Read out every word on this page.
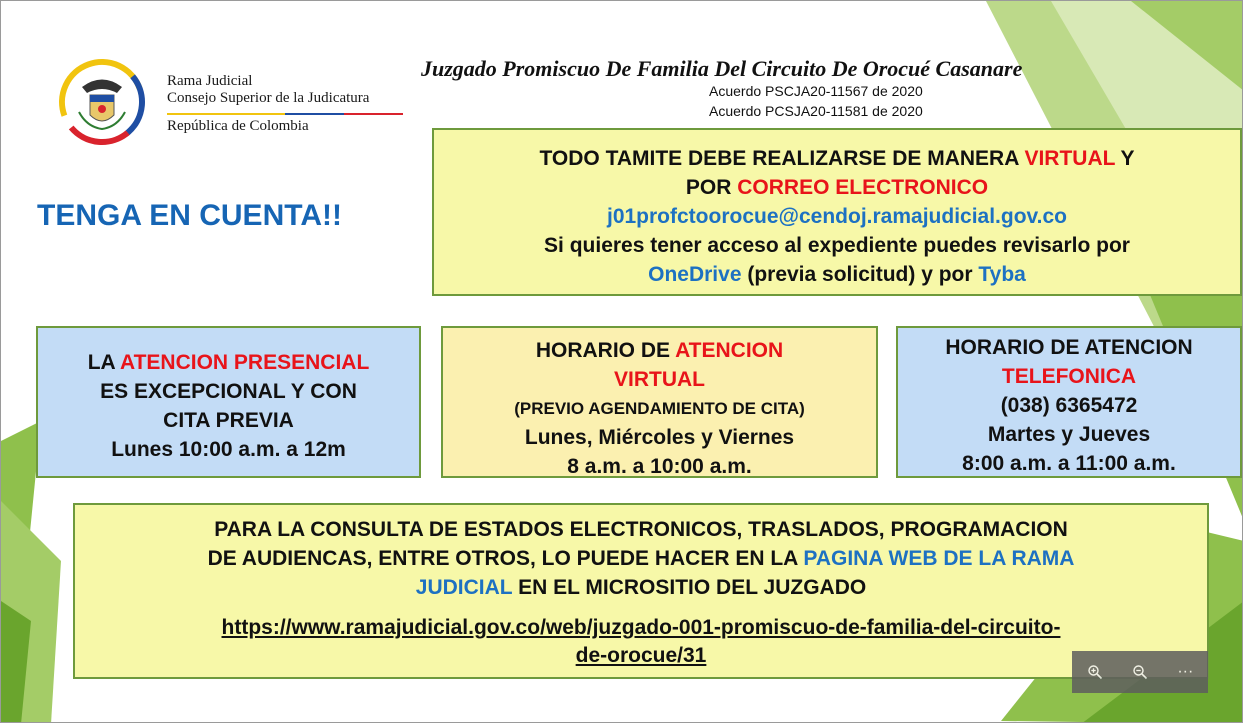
Rama Judicial
Consejo Superior de la Judicatura
República de Colombia
Juzgado Promiscuo De Familia Del Circuito De Orocué Casanare
Acuerdo PSCJA20-11567 de 2020
Acuerdo PCSJA20-11581 de 2020
TENGA EN CUENTA!!
TODO TAMITE DEBE REALIZARSE DE MANERA VIRTUAL Y
POR CORREO ELECTRONICO
j01profctoorocue@cendoj.ramajudicial.gov.co
Si quieres tener acceso al expediente puedes revisarlo por
OneDrive (previa solicitud) y por Tyba
LA ATENCION PRESENCIAL
ES EXCEPCIONAL Y CON
CITA PREVIA
Lunes 10:00 a.m. a 12m
HORARIO DE ATENCION
VIRTUAL
(PREVIO AGENDAMIENTO DE CITA)
Lunes, Miércoles y Viernes
8 a.m. a 10:00 a.m.
HORARIO DE ATENCION
TELEFONICA
(038) 6365472
Martes y Jueves
8:00 a.m. a 11:00 a.m.
PARA LA CONSULTA DE ESTADOS ELECTRONICOS, TRASLADOS, PROGRAMACION
DE AUDIENCAS, ENTRE OTROS, LO PUEDE HACER EN LA PAGINA WEB DE LA RAMA
JUDICIAL EN EL MICROSITIO DEL JUZGADO
https://www.ramajudicial.gov.co/web/juzgado-001-promiscuo-de-familia-del-circuito-
de-orocue/31
···
